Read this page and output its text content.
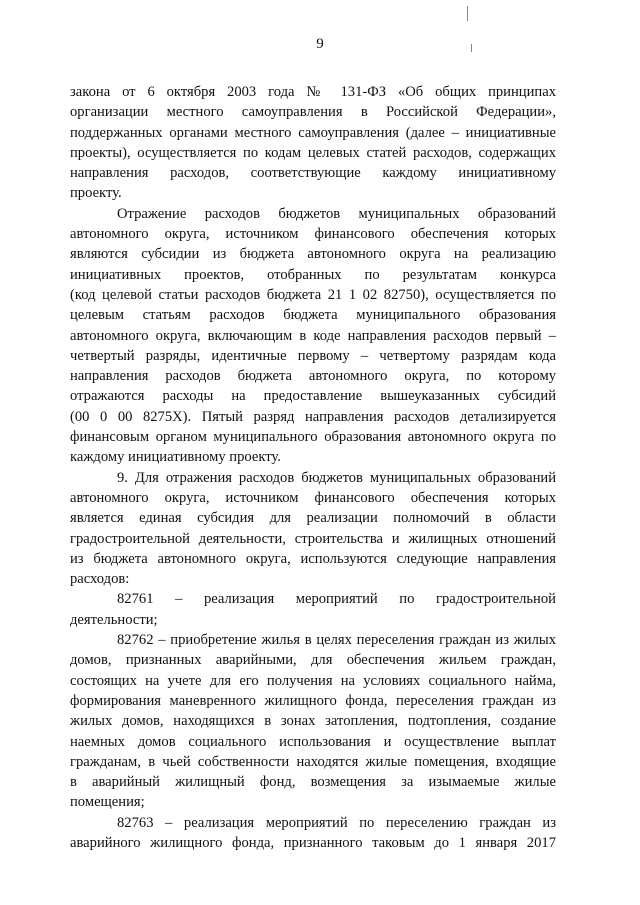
9

закона от 6 октября 2003 года № 131-ФЗ «Об общих принципах
организации местного самоуправления в Российской Федерации»,
поддержанных органами местного самоуправления (далее – инициативные
проекты), осуществляется по кодам целевых статей расходов, содержащих
направления расходов, соответствующие каждому инициативному
проекту.

Отражение расходов бюджетов муниципальных образований
автономного округа, источником финансового обеспечения которых
являются субсидии из бюджета автономного округа на реализацию
инициативных проектов, отобранных по результатам конкурса
(код целевой статьи расходов бюджета 21 1 02 82750), осуществляется по
целевым статьям расходов бюджета муниципального образования
автономного округа, включающим в коде направления расходов первый –
четвертый разряды, идентичные первому – четвертому разрядам кода
направления расходов бюджета автономного округа, по которому
отражаются расходы на предоставление вышеуказанных субсидий
(00 0 00 8275Х). Пятый разряд направления расходов детализируется
финансовым органом муниципального образования автономного округа по
каждому инициативному проекту.

9. Для отражения расходов бюджетов муниципальных образований
автономного округа, источником финансового обеспечения которых
является единая субсидия для реализации полномочий в области
градостроительной деятельности, строительства и жилищных отношений
из бюджета автономного округа, используются следующие направления
расходов:

82761 – реализация мероприятий по градостроительной
деятельности;

82762 – приобретение жилья в целях переселения граждан из жилых
домов, признанных аварийными, для обеспечения жильем граждан,
состоящих на учете для его получения на условиях социального найма,
формирования маневренного жилищного фонда, переселения граждан из
жилых домов, находящихся в зонах затопления, подтопления, создание
наемных домов социального использования и осуществление выплат
гражданам, в чьей собственности находятся жилые помещения, входящие
в аварийный жилищный фонд, возмещения за изымаемые жилые
помещения;

82763 – реализация мероприятий по переселению граждан из
аварийного жилищного фонда, признанного таковым до 1 января 2017
